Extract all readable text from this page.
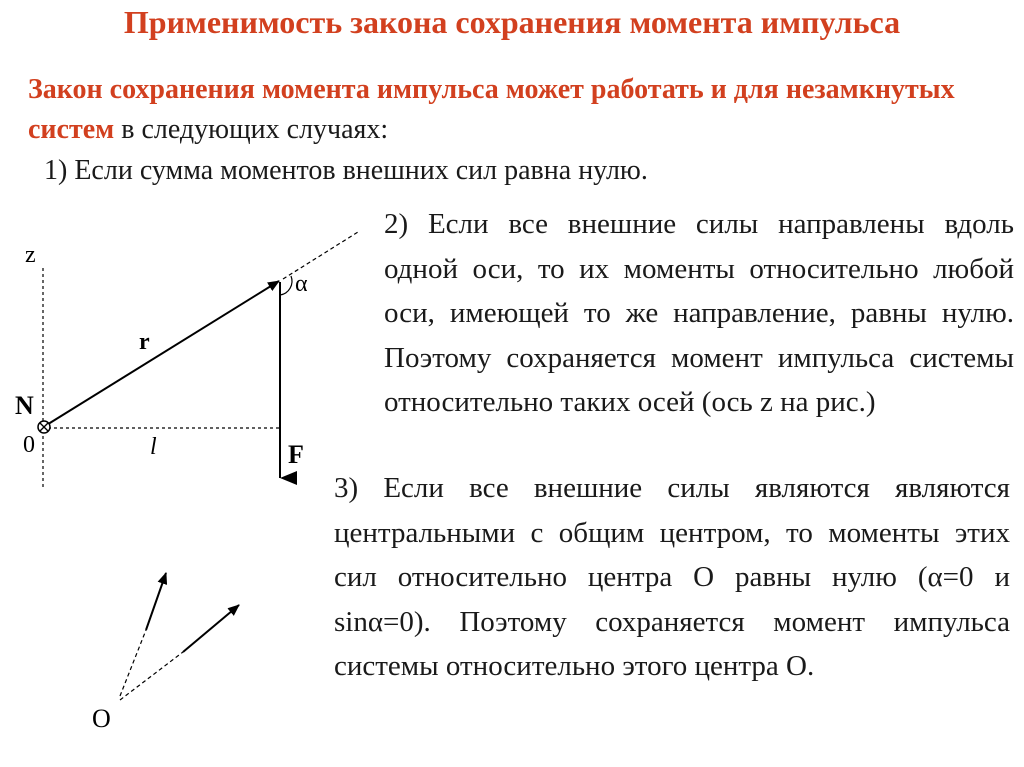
Применимость закона сохранения момента импульса
Закон сохранения момента импульса может работать и для незамкнутых систем в следующих случаях:
1) Если сумма моментов внешних сил равна нулю.
2) Если все внешние силы направлены вдоль одной оси, то их моменты относительно любой оси, имеющей то же направление, равны нулю. Поэтому сохраняется момент импульса системы относительно таких осей (ось z на рис.)
3) Если все внешние силы являются являются центральными с общим центром, то моменты этих сил относительно центра О равны нулю (α=0 и sinα=0). Поэтому сохраняется момент импульса системы относительно этого центра О.
z
N
0
r
l
α
F
O
